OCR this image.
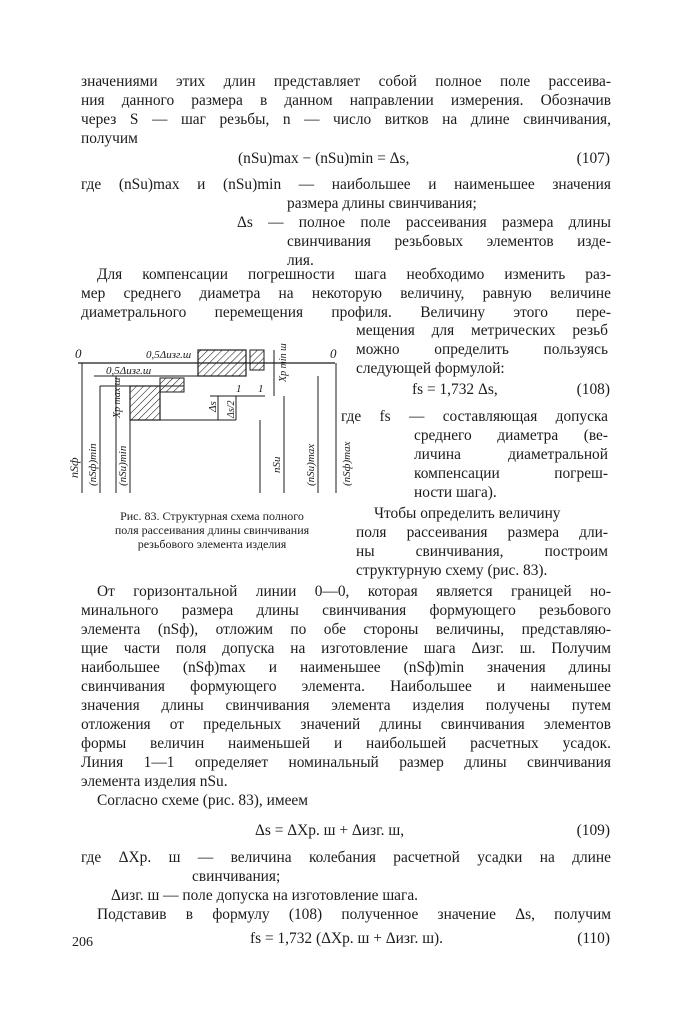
значениями этих длин представляет собой полное поле рассеива-
ния данного размера в данном направлении измерения. Обозначив
через S — шаг резьбы, n — число витков на длине свинчивания,
получим
(nSu)max − (nSu)min = Δs,	(107)
где (nSu)max и (nSu)min — наибольшее и наименьшее значения
размера длины свинчивания;
Δs — полное поле рассеивания размера длины
свинчивания резьбовых элементов изде-
лия.
Для компенсации погрешности шага необходимо изменить раз-
мер среднего диаметра на некоторую величину, равную величине
диаметрального перемещения профиля. Величину этого пере-
мещения для метрических резьб
можно определить пользуясь
следующей формулой:
fs = 1,732 Δs,	(108)
где fs — составляющая допуска
среднего диаметра (ве-
личина диаметральной
компенсации погреш-
ности шага).
Чтобы определить величину
поля рассеивания размера дли-
ны свинчивания, построим
структурную схему (рис. 83).
0	0
1 1
0,5Δизг.ш
0,5Δизг.ш
Δs Δs/2
Xр min ш
Xр max ш
nSф (nSф)min (nSu)min	nSu (nSu)max (nSф)max
Рис. 83. Структурная схема полного
поля рассеивания длины свинчивания
резьбового элемента изделия
От горизонтальной линии 0—0, которая является границей но-
минального размера длины свинчивания формующего резьбового
элемента (nSф), отложим по обе стороны величины, представляю-
щие части поля допуска на изготовление шага Δизг. ш. Получим
наибольшее (nSф)max и наименьшее (nSф)min значения длины
свинчивания формующего элемента. Наибольшее и наименьшее
значения длины свинчивания элемента изделия получены путем
отложения от предельных значений длины свинчивания элементов
формы величин наименьшей и наибольшей расчетных усадок.
Линия 1—1 определяет номинальный размер длины свинчивания
элемента изделия nSu.
Согласно схеме (рис. 83), имеем
Δs = ΔXр. ш + Δизг. ш,	(109)
где ΔXр. ш — величина колебания расчетной усадки на длине
свинчивания;
Δизг. ш — поле допуска на изготовление шага.
Подставив в формулу (108) полученное значение Δs, получим
fs = 1,732 (ΔXр. ш + Δизг. ш).	(110)
206
